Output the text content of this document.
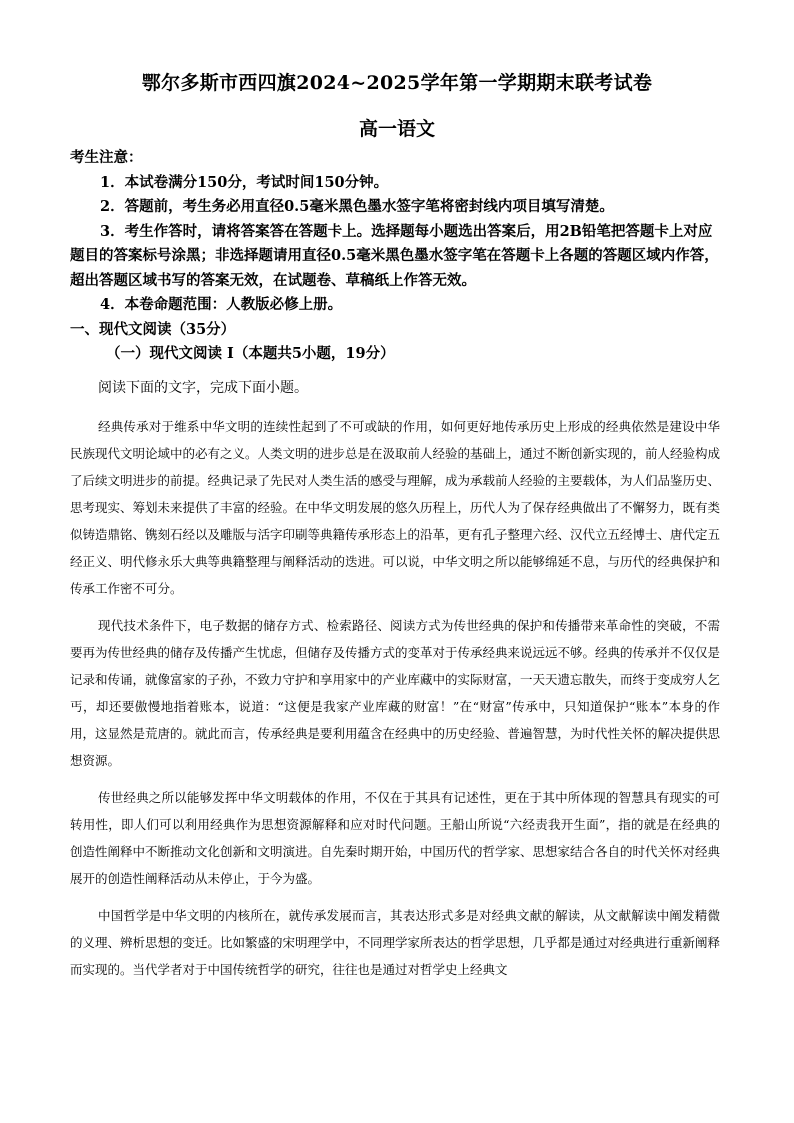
鄂尔多斯市西四旗2024~2025学年第一学期期末联考试卷
高一语文

考生注意：

1．本试卷满分150分，考试时间150分钟。

2．答题前，考生务必用直径0.5毫米黑色墨水签字笔将密封线内项目填写清楚。

3．考生作答时，请将答案答在答题卡上。选择题每小题选出答案后，用2B铅笔把答题卡上对应题目的答案标号涂黑；非选择题请用直径0.5毫米黑色墨水签字笔在答题卡上各题的答题区域内作答，超出答题区域书写的答案无效，在试题卷、草稿纸上作答无效。

4．本卷命题范围：人教版必修上册。

一、现代文阅读（35分）
（一）现代文阅读 I（本题共5小题，19分）
阅读下面的文字，完成下面小题。

经典传承对于维系中华文明的连续性起到了不可或缺的作用，如何更好地传承历史上形成的经典依然是建设中华民族现代文明论域中的必有之义。人类文明的进步总是在汲取前人经验的基础上，通过不断创新实现的，前人经验构成了后续文明进步的前提。经典记录了先民对人类生活的感受与理解，成为承载前人经验的主要载体，为人们品鉴历史、思考现实、筹划未来提供了丰富的经验。在中华文明发展的悠久历程上，历代人为了保存经典做出了不懈努力，既有类似铸造鼎铭、镌刻石经以及雕版与活字印刷等典籍传承形态上的沿革，更有孔子整理六经、汉代立五经博士、唐代定五经正义、明代修永乐大典等典籍整理与阐释活动的迭进。可以说，中华文明之所以能够绵延不息，与历代的经典保护和传承工作密不可分。

现代技术条件下，电子数据的储存方式、检索路径、阅读方式为传世经典的保护和传播带来革命性的突破，不需要再为传世经典的储存及传播产生忧虑，但储存及传播方式的变革对于传承经典来说远远不够。经典的传承并不仅仅是记录和传诵，就像富家的子孙，不致力守护和享用家中的产业库藏中的实际财富，一天天遗忘散失，而终于变成穷人乞丐，却还要傲慢地指着账本，说道：“这便是我家产业库藏的财富！”在“财富”传承中，只知道保护“账本”本身的作用，这显然是荒唐的。就此而言，传承经典是要利用蕴含在经典中的历史经验、普遍智慧，为时代性关怀的解决提供思想资源。

传世经典之所以能够发挥中华文明载体的作用，不仅在于其具有记述性，更在于其中所体现的智慧具有现实的可转用性，即人们可以利用经典作为思想资源解释和应对时代问题。王船山所说“六经责我开生面”，指的就是在经典的创造性阐释中不断推动文化创新和文明演进。自先秦时期开始，中国历代的哲学家、思想家结合各自的时代关怀对经典展开的创造性阐释活动从未停止，于今为盛。

中国哲学是中华文明的内核所在，就传承发展而言，其表达形式多是对经典文献的解读，从文献解读中阐发精微的义理、辨析思想的变迁。比如繁盛的宋明理学中，不同理学家所表达的哲学思想，几乎都是通过对经典进行重新阐释而实现的。当代学者对于中国传统哲学的研究，往往也是通过对哲学史上经典文
